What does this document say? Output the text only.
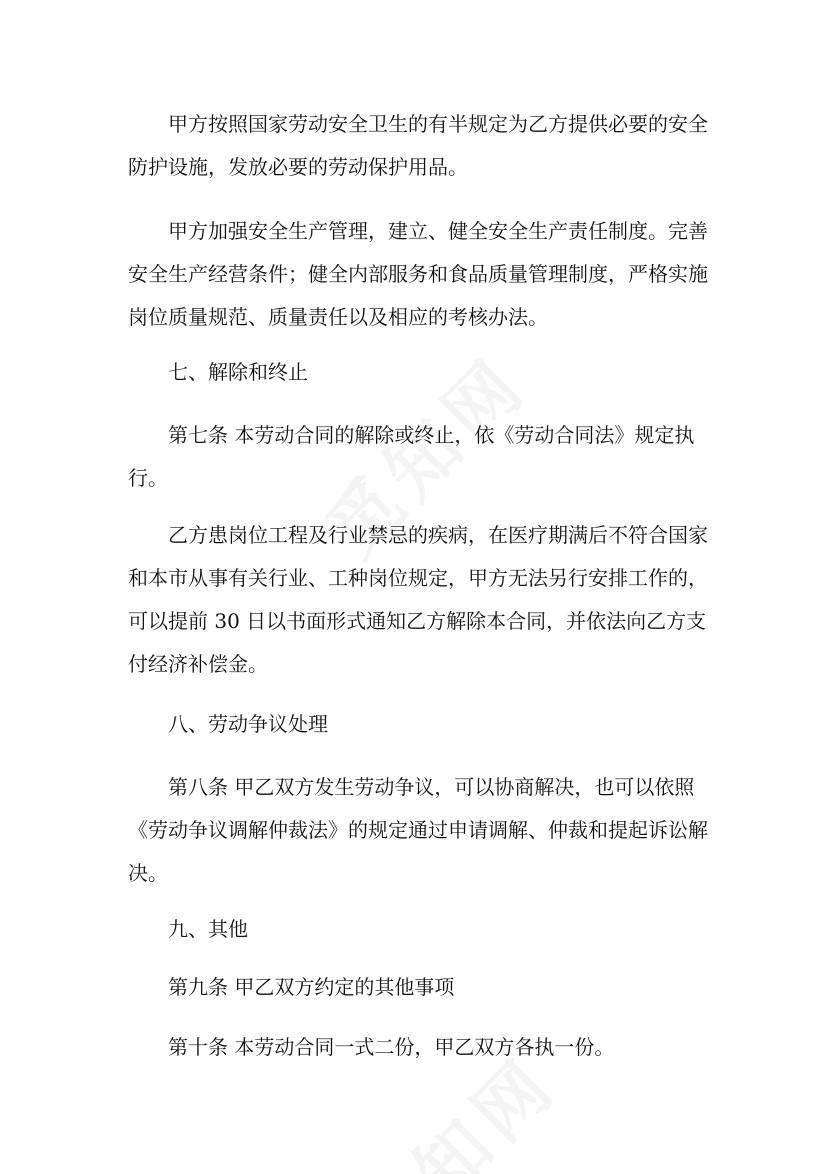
甲方按照国家劳动安全卫生的有半规定为乙方提供必要的安全防护设施，发放必要的劳动保护用品。

甲方加强安全生产管理，建立、健全安全生产责任制度。完善安全生产经营条件；健全内部服务和食品质量管理制度，严格实施岗位质量规范、质量责任以及相应的考核办法。

七、解除和终止

第七条 本劳动合同的解除或终止，依《劳动合同法》规定执行。

乙方患岗位工程及行业禁忌的疾病，在医疗期满后不符合国家和本市从事有关行业、工种岗位规定，甲方无法另行安排工作的，可以提前 30 日以书面形式通知乙方解除本合同，并依法向乙方支付经济补偿金。

八、劳动争议处理

第八条 甲乙双方发生劳动争议，可以协商解决，也可以依照《劳动争议调解仲裁法》的规定通过申请调解、仲裁和提起诉讼解决。

九、其他

第九条 甲乙双方约定的其他事项

第十条 本劳动合同一式二份，甲乙双方各执一份。
